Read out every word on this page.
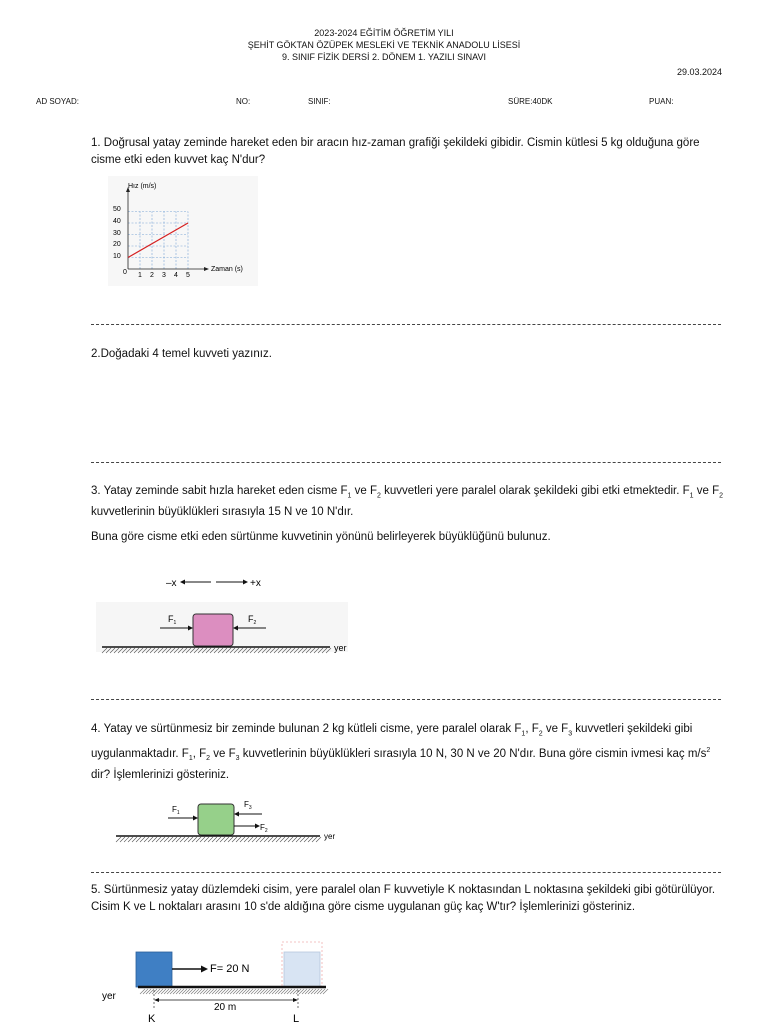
2023-2024 EĞİTİM ÖĞRETİM YILI
ŞEHİT GÖKTAN ÖZÜPEK MESLEKİ VE TEKNİK ANADOLU LİSESİ
9. SINIF FİZİK DERSİ 2. DÖNEM 1. YAZILI SINAVI
29.03.2024
AD SOYAD:	NO:	SINIF:	SÜRE:40DK	PUAN:

1. Doğrusal yatay zeminde hareket eden bir aracın hız-zaman grafiği şekildeki gibidir. Cismin kütlesi 5 kg olduğuna göre cisme etki eden kuvvet kaç N'dur?

Hız (m/s)
Zaman (s)
0
50
40
30
20
10
1 2 3 4 5

2.Doğadaki 4 temel kuvveti yazınız.

3. Yatay zeminde sabit hızla hareket eden cisme $F_1$ ve $F_2$ kuvvetleri yere paralel olarak şekildeki gibi etki etmektedir. $F_1$ ve $F_2$ kuvvetlerinin büyüklükleri sırasıyla 15 N ve 10 N'dır.

Buna göre cisme etki eden sürtünme kuvvetinin yönünü belirleyerek büyüklüğünü bulunuz.

–x	+x
$F_1$	$F_2$
yer

4. Yatay ve sürtünmesiz bir zeminde bulunan 2 kg kütleli cisme, yere paralel olarak $F_1$, $F_2$ ve $F_3$ kuvvetleri şekildeki gibi uygulanmaktadır. $F_1$, $F_2$ ve $F_3$ kuvvetlerinin büyüklükleri sırasıyla 10 N, 30 N ve 20 N'dır. Buna göre cismin ivmesi kaç $m/s^2$ dir? İşlemlerinizi gösteriniz.

$F_1$
$F_3$
$F_2$
yer

5. Sürtünmesiz yatay düzlemdeki cisim, yere paralel olan F kuvvetiyle K noktasından L noktasına şekildeki gibi götürülüyor. Cisim K ve L noktaları arasını 10 s'de aldığına göre cisme uygulanan güç kaç W'tır? İşlemlerinizi gösteriniz.

F= 20 N
yer
20 m
K	L
